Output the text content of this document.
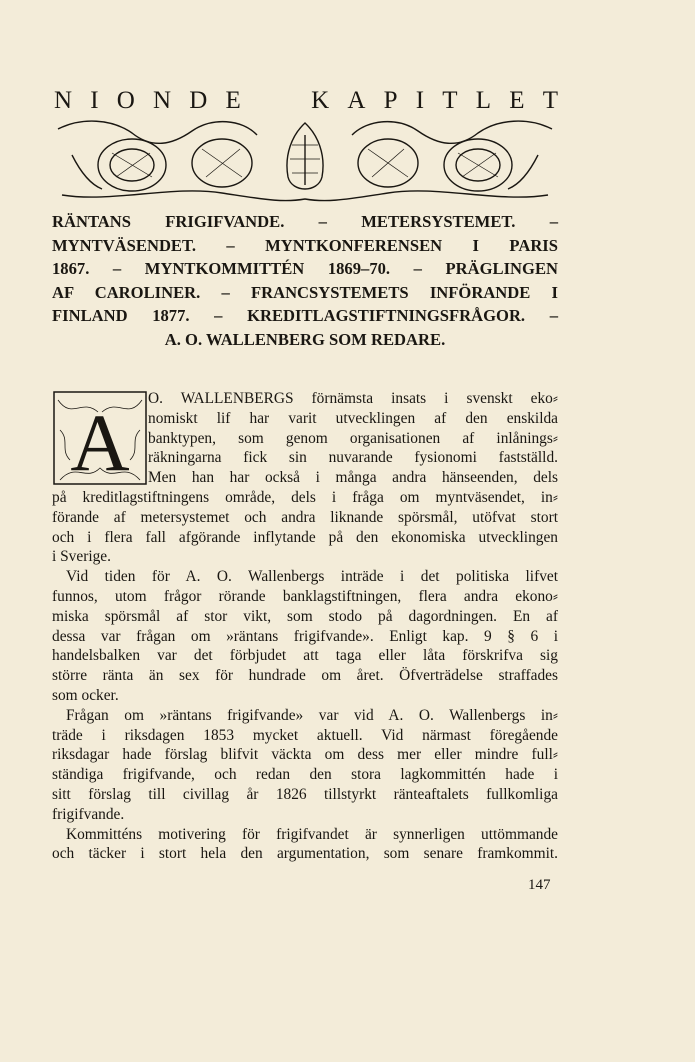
N I O N D E	K A P I T L E T
RÄNTANS FRIGIFVANDE. – METERSYSTEMET. –
MYNTVÄSENDET. – MYNTKONFERENSEN I PARIS
1867. – MYNTKOMMITTÉN 1869–70. – PRÄGLINGEN
AF CAROLINER. – FRANCSYSTEMETS INFÖRANDE I
FINLAND 1877. – KREDITLAGSTIFTNINGSFRÅGOR. –
A. O. WALLENBERG SOM REDARE.
A	O. WALLENBERGS förnämsta insats i svenskt eko⸗
nomiskt lif har varit utvecklingen af den enskilda
banktypen, som genom organisationen af inlånings⸗
räkningarna fick sin nuvarande fysionomi fastställd.
Men han har också i många andra hänseenden, dels
på kreditlagstiftningens område, dels i fråga om myntväsendet, in⸗
förande af metersystemet och andra liknande spörsmål, utöfvat stort
och i flera fall afgörande inflytande på den ekonomiska utvecklingen
i Sverige.
Vid tiden för A. O. Wallenbergs inträde i det politiska lifvet
funnos, utom frågor rörande banklagstiftningen, flera andra ekono⸗
miska spörsmål af stor vikt, som stodo på dagordningen. En af
dessa var frågan om »räntans frigifvande». Enligt kap. 9 § 6 i
handelsbalken var det förbjudet att taga eller låta förskrifva sig
större ränta än sex för hundrade om året. Öfverträdelse straffades
som ocker.
Frågan om »räntans frigifvande» var vid A. O. Wallenbergs in⸗
träde i riksdagen 1853 mycket aktuell. Vid närmast föregående
riksdagar hade förslag blifvit väckta om dess mer eller mindre full⸗
ständiga frigifvande, och redan den stora lagkommittén hade i
sitt förslag till civillag år 1826 tillstyrkt ränteaftalets fullkomliga
frigifvande.
Kommitténs motivering för frigifvandet är synnerligen uttömmande
och täcker i stort hela den argumentation, som senare framkommit.
147
